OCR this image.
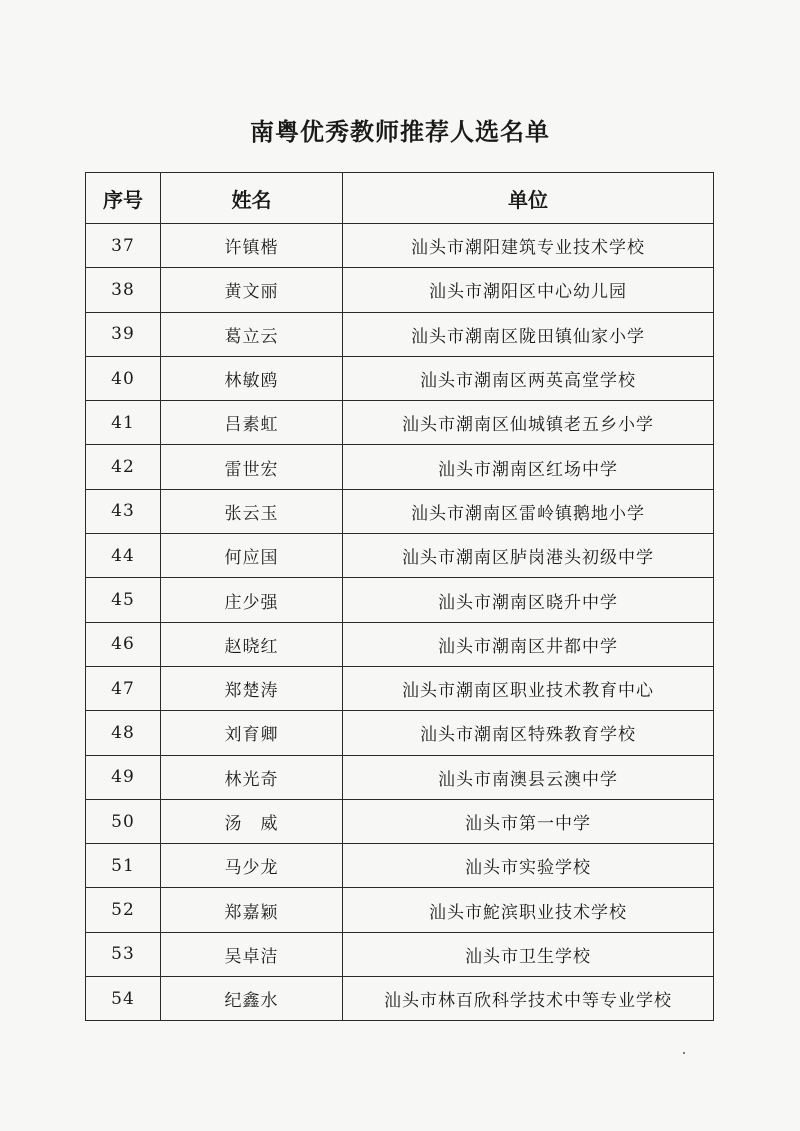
南粤优秀教师推荐人选名单
序号	姓名	单位
37	许镇楷	汕头市潮阳建筑专业技术学校
38	黄文丽	汕头市潮阳区中心幼儿园
39	葛立云	汕头市潮南区陇田镇仙家小学
40	林敏鸥	汕头市潮南区两英高堂学校
41	吕素虹	汕头市潮南区仙城镇老五乡小学
42	雷世宏	汕头市潮南区红场中学
43	张云玉	汕头市潮南区雷岭镇鹅地小学
44	何应国	汕头市潮南区胪岗港头初级中学
45	庄少强	汕头市潮南区晓升中学
46	赵晓红	汕头市潮南区井都中学
47	郑楚涛	汕头市潮南区职业技术教育中心
48	刘育卿	汕头市潮南区特殊教育学校
49	林光奇	汕头市南澳县云澳中学
50	汤　威	汕头市第一中学
51	马少龙	汕头市实验学校
52	郑嘉颖	汕头市鮀滨职业技术学校
53	吴卓洁	汕头市卫生学校
54	纪鑫水	汕头市林百欣科学技术中等专业学校
